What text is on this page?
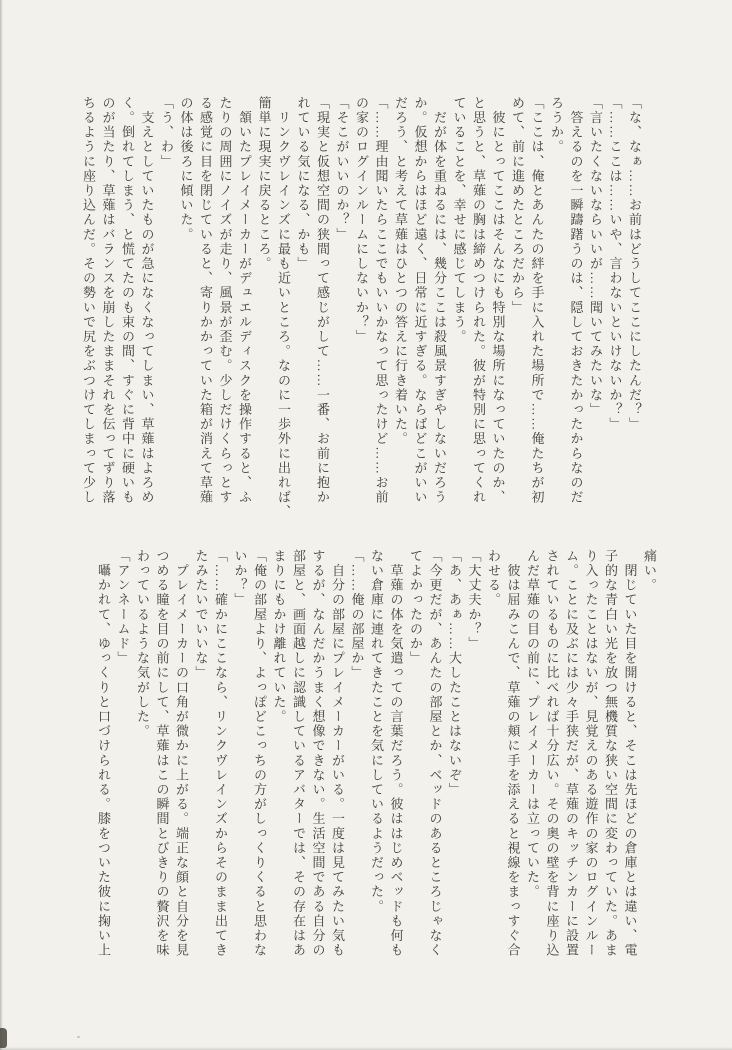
「な、なぁ……お前はどうしてここにしたんだ？」
「……ここは……いや、言わないといけないか？」
「言いたくないならいいが……聞いてみたいな」
　答えるのを一瞬躊躇うのは、隠しておきたかったからなのだ
ろうか。
「ここは、俺とあんたの絆を手に入れた場所で……俺たちが初
めて、前に進めたところだから」
　彼にとってここはそんなにも特別な場所になっていたのか、
と思うと、草薙の胸は締めつけられた。彼が特別に思ってくれ
ていることを、幸せに感じてしまう。
　だが体を重ねるには、幾分ここは殺風景すぎやしないだろう
か。仮想からはほど遠く、日常に近すぎる。ならばどこがいい
だろう、と考えて草薙はひとつの答えに行き着いた。
「……理由聞いたらここでもいいかなって思ったけど……お前
の家のログインルームにしないか？」
「そこがいいのか？」
「現実と仮想空間の狭間って感じがして……一番、お前に抱か
れている気になる、かも」
　リンクヴレインズに最も近いところ。なのに一歩外に出れば、
簡単に現実に戻るところ。
　頷いたプレイメーカーがデュエルディスクを操作すると、ふ
たりの周囲にノイズが走り、風景が歪む。少しだけくらっとす
る感覚に目を閉じていると、寄りかかっていた箱が消えて草薙
の体は後ろに傾いた。
「う、わ」
　支えとしていたものが急になくなってしまい、草薙はよろめ
く。倒れてしまう、と慌てたのも束の間、すぐに背中に硬いも
のが当たり、草薙はバランスを崩したままそれを伝ってずり落
ちるように座り込んだ。その勢いで尻をぶつけてしまって少し
痛い。
　閉じていた目を開けると、そこは先ほどの倉庫とは違い、電
子的な青白い光を放つ無機質な狭い空間に変わっていた。あま
り入ったことはないが、見覚えのある遊作の家のログインルー
ム。ことに及ぶには少々手狭だが、草薙のキッチンカーに設置
されているものに比べれば十分広い。その奥の壁を背に座り込
んだ草薙の目の前に、プレイメーカーは立っていた。
　彼は屈みこんで、草薙の頬に手を添えると視線をまっすぐ合
わせる。
「大丈夫か？」
「あ、あぁ……大したことはないぞ」
「今更だが、あんたの部屋とか、ベッドのあるところじゃなく
てよかったのか」
　草薙の体を気遣っての言葉だろう。彼ははじめベッドも何も
ない倉庫に連れてきたことを気にしているようだった。
「……俺の部屋か」
　自分の部屋にプレイメーカーがいる。一度は見てみたい気も
するが、なんだかうまく想像できない。生活空間である自分の
部屋と、画面越しに認識しているアバターでは、その存在はあ
まりにもかけ離れていた。
「俺の部屋より、よっぽどこっちの方がしっくりくると思わな
いか？」
「……確かにここなら、リンクヴレインズからそのまま出てき
たみたいでいいな」
　プレイメーカーの口角が微かに上がる。端正な顔と自分を見
つめる瞳を目の前にして、草薙はこの瞬間とびきりの贅沢を味
わっているような気がした。
「アンネームド」
　囁かれて、ゆっくりと口づけられる。膝をついた彼に掬い上
